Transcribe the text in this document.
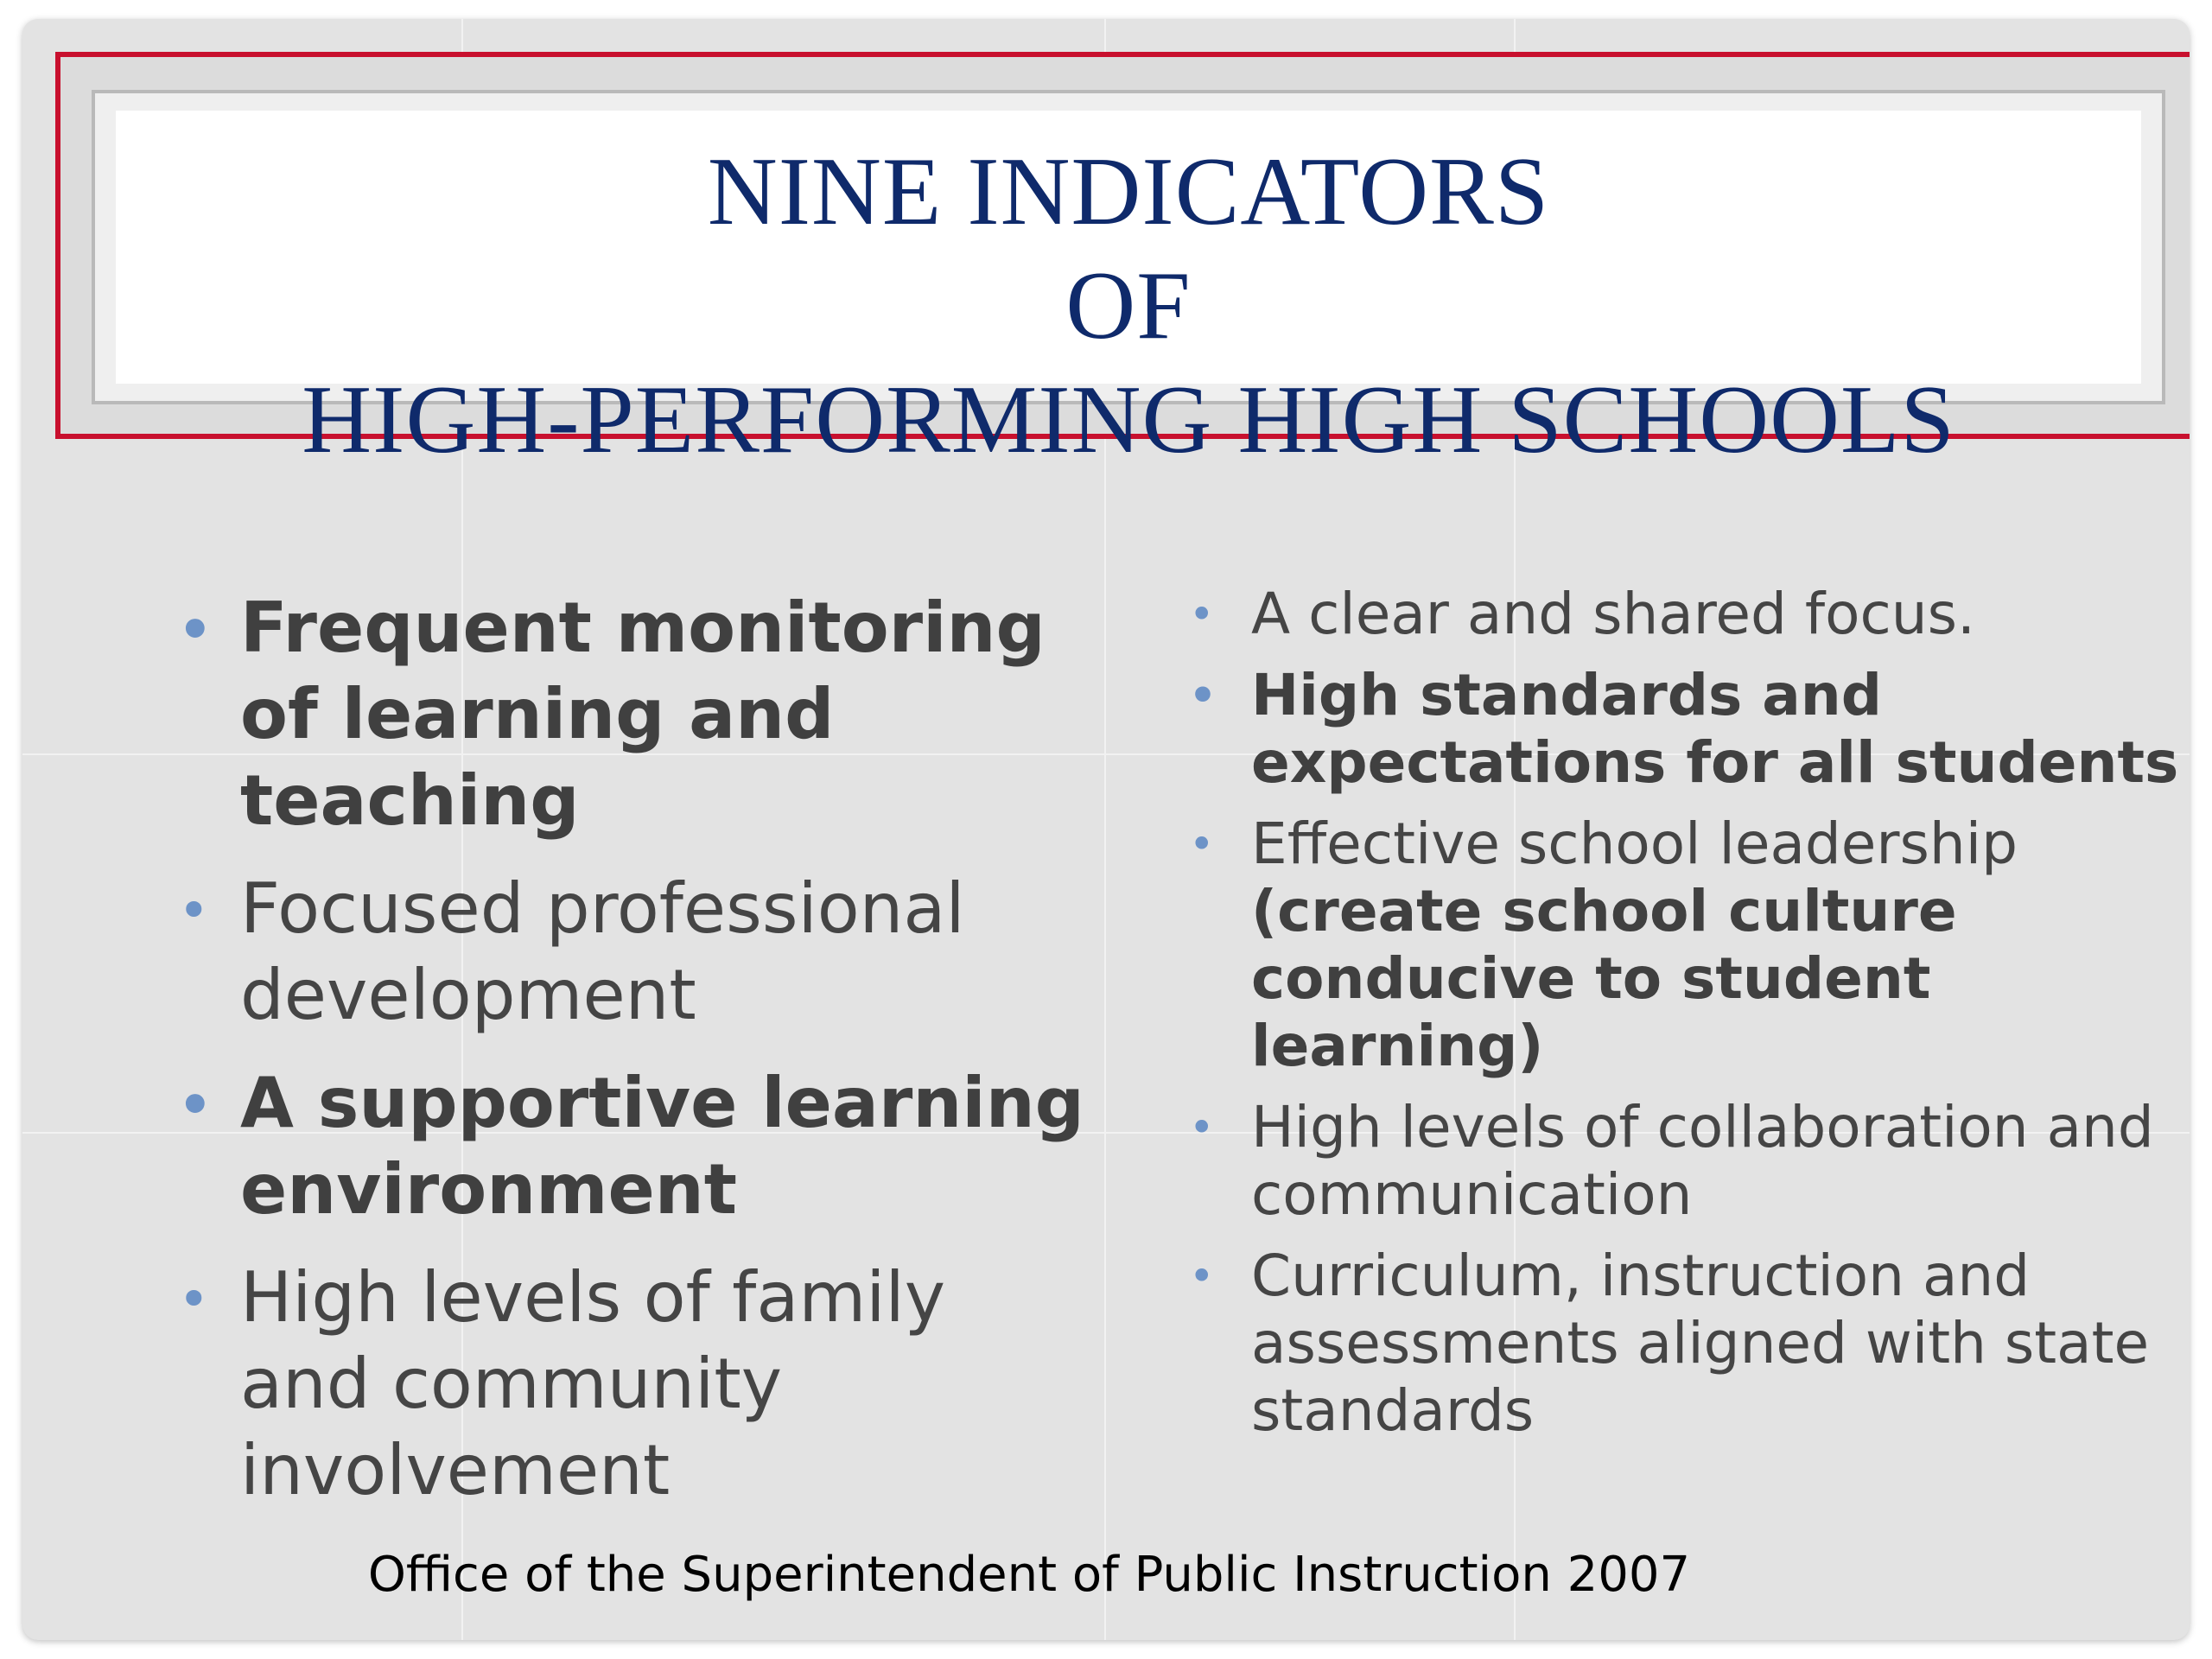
NINE INDICATORS
OF
HIGH-PERFORMING HIGH SCHOOLS
• Frequent monitoring of learning and teaching
• Focused professional development
• A supportive learning environment
• High levels of family and community involvement
• A clear and shared focus.
• High standards and expectations for all students
• Effective school leadership (create school culture conducive to student learning)
• High levels of collaboration and communication
• Curriculum, instruction and assessments aligned with state standards
Office of the Superintendent of Public Instruction 2007
